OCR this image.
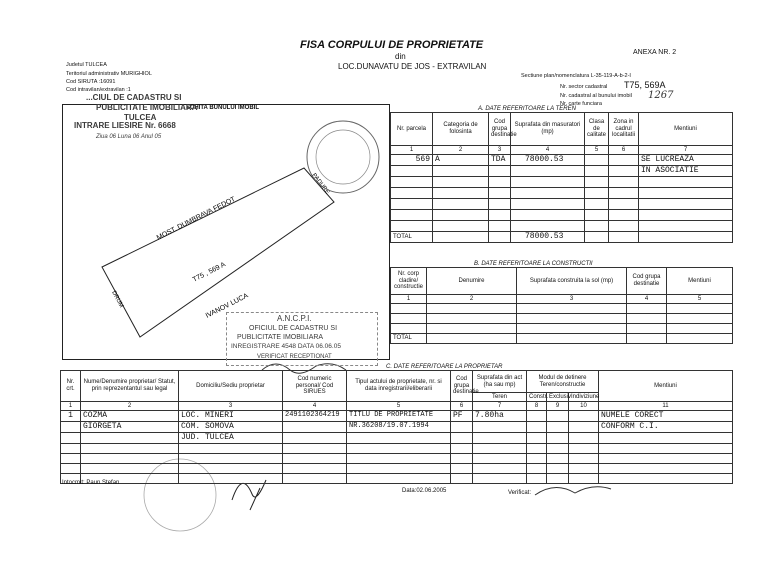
FISA CORPULUI DE PROPRIETATE
din
LOC.DUNAVATU DE JOS - EXTRAVILAN
ANEXA NR. 2
Judetul TULCEA
Teritoriul administrativ MURIGHIOL
Cod SIRUTA :16091
Cod intravilan/extravilan :1
Sectiune plan/nomenclatura L-35-119-A-b-2-I
Nr. sector cadastral T75, 569A
Nr. cadastral al bunului imobil 1267
Nr. carte funciara
SCHITA BUNULUI IMOBIL
MOST. DUMBRAVA FEDOT
T75 , 569 A
PADURE
DRUM	IVANOV LUCA
...CIUL DE CADASTRU SI
PUBLICITATE IMOBILIARA
TULCEA
INTRARE LIESIRE Nr. 6668
Ziua 06 Luna 06 Anul 05
A.N.C.P.I.
OFICIUL DE CADASTRU SI
PUBLICITATE IMOBILIARA
INREGISTRARE 4548 DATA 06.06.05
VERIFICAT RECEPTIONAT
A. DATE REFERITOARE LA TEREN
Nr. parcela	Categoria de folosinta	Cod grupa destinatie	Suprafata din masuratori (mp)	Clasa de calitate	Zona in cadrul localitatii	Mentiuni
1	2	3	4	5	6	7
569	A	TDA	78000.53			SE LUCREAZA
						IN ASOCIATIE

TOTAL			78000.53			
B. DATE REFERITOARE LA CONSTRUCTII
Nr. corp cladire/ constructie	Denumire	Suprafata construita la sol (mp)	Cod grupa destinatie	Mentiuni
1	2	3	4	5

TOTAL				
C. DATE REFERITOARE LA PROPRIETAR
Nr. crt.	Nume/Denumire proprietar/ Statut, prin reprezentantul sau legal	Domiciliu/Sediu proprietar	Cod numeric personal/ Cod SIRUES	Tipul actului de proprietate, nr. si data inregistrarii/eliberarii	Cod grupa destinatie	Suprafata din act (ha sau mp)	Modul de detinere Teren/constructie			Mentiuni
						Teren	Constr.	Exclusiv	Indiviziune	
1	2	3	4	5	6	7	8	9	10	11
1	COZMA	LOC. MINERI	2491102364219	TITLU DE PROPRIETATE	PF	7.80ha				NUMELE CORECT
	GIORGETA	COM. SOMOVA		NR.36208/19.07.1994						CONFORM C.I.
		JUD. TULCEA								

Intocmit: Paun Stefan
Data:02.06.2005	Verificat:
